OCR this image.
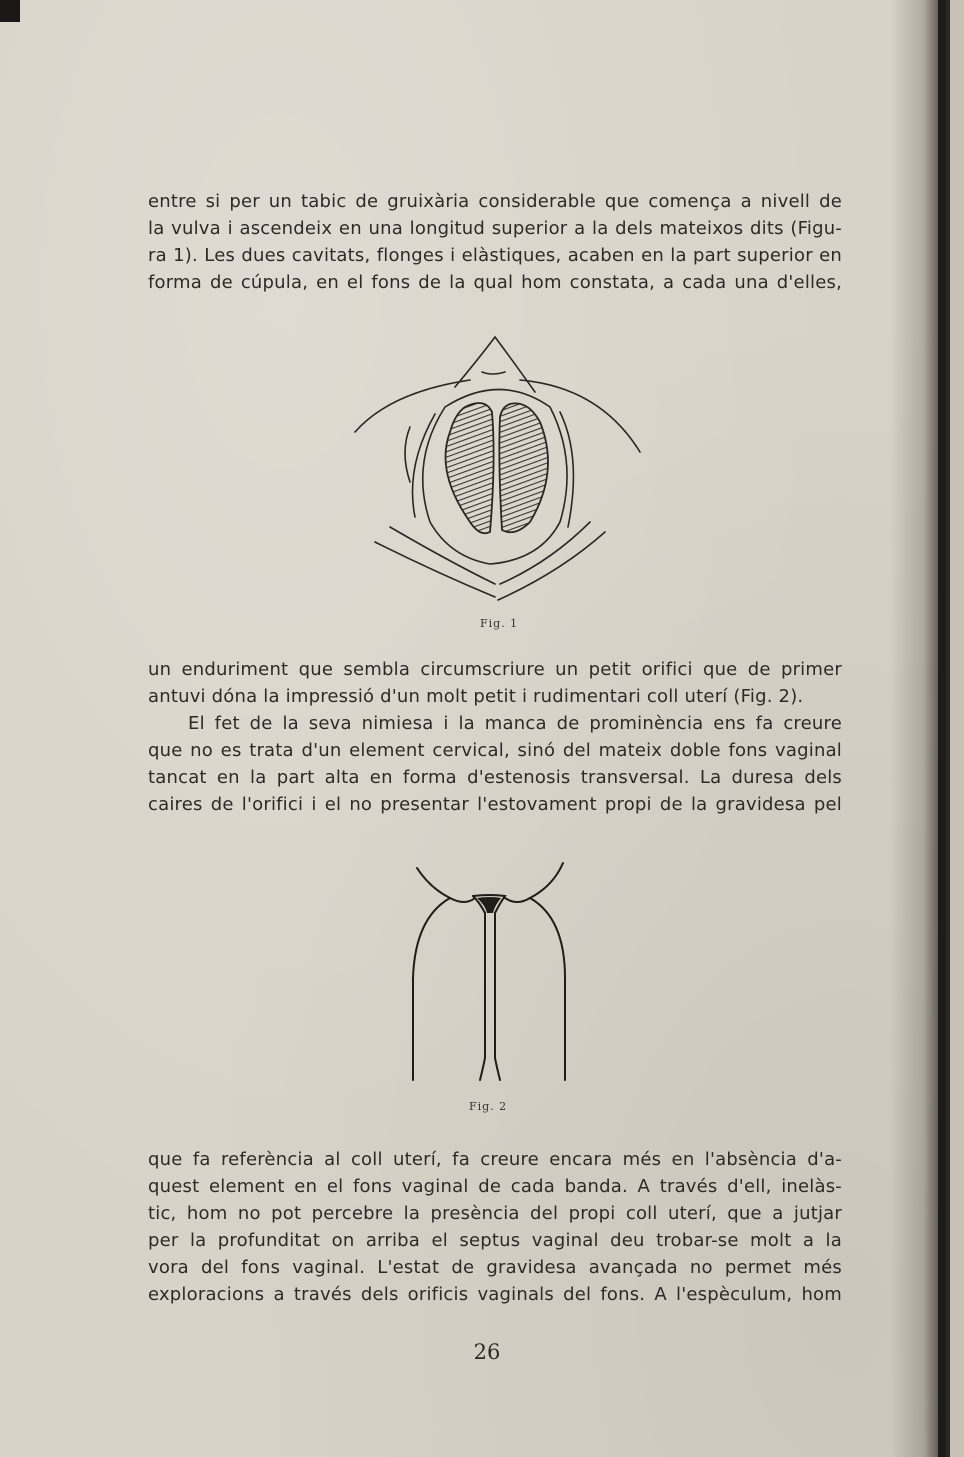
entre si per un tabic de gruixària considerable que comença a nivell de
la vulva i ascendeix en una longitud superior a la dels mateixos dits (Figu-
ra 1). Les dues cavitats, flonges i elàstiques, acaben en la part superior en
forma de cúpula, en el fons de la qual hom constata, a cada una d'elles,
Fig. 1
un enduriment que sembla circumscriure un petit orifici que de primer
antuvi dóna la impressió d'un molt petit i rudimentari coll uterí (Fig. 2).
El fet de la seva nimiesa i la manca de prominència ens fa creure
que no es trata d'un element cervical, sinó del mateix doble fons vaginal
tancat en la part alta en forma d'estenosis transversal. La duresa dels
caires de l'orifici i el no presentar l'estovament propi de la gravidesa pel
Fig. 2
que fa referència al coll uterí, fa creure encara més en l'absència d'a-
quest element en el fons vaginal de cada banda. A través d'ell, inelàs-
tic, hom no pot percebre la presència del propi coll uterí, que a jutjar
per la profunditat on arriba el septus vaginal deu trobar-se molt a la
vora del fons vaginal. L'estat de gravidesa avançada no permet més
exploracions a través dels orificis vaginals del fons. A l'espèculum, hom
26
